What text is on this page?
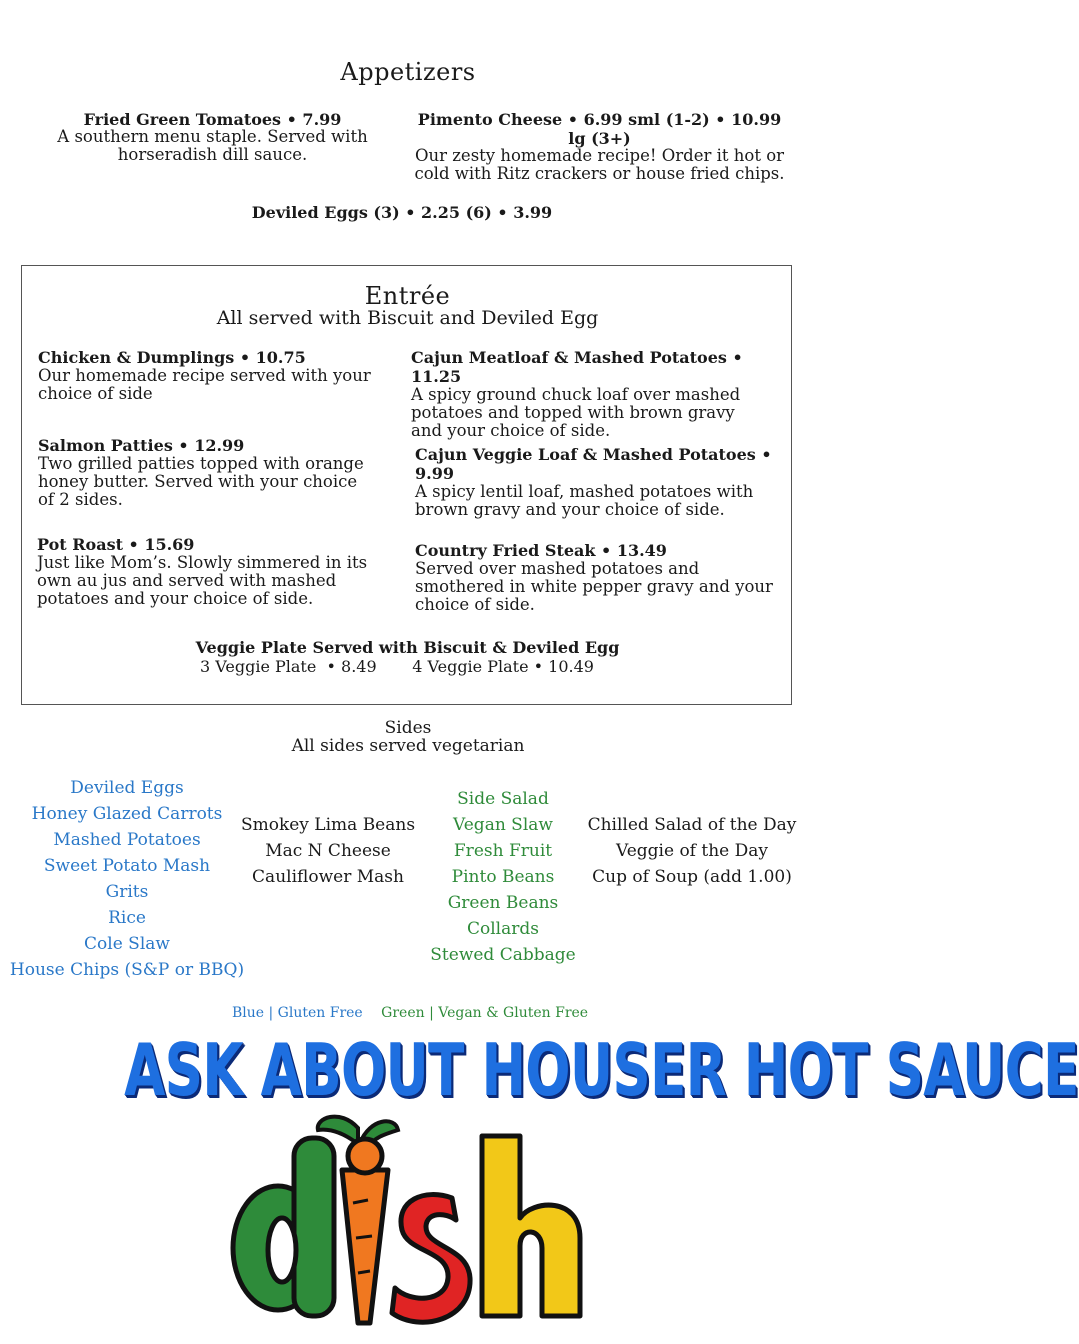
Appetizers
Fried Green Tomatoes • 7.99
A southern menu staple. Served with horseradish dill sauce.
Pimento Cheese • 6.99 sml (1-2) • 10.99 lg (3+)
Our zesty homemade recipe! Order it hot or cold with Ritz crackers or house fried chips.
Deviled Eggs (3) • 2.25 (6) • 3.99
Entrée
All served with Biscuit and Deviled Egg
Chicken & Dumplings • 10.75
Our homemade recipe served with your choice of side
Cajun Meatloaf & Mashed Potatoes • 11.25
A spicy ground chuck loaf over mashed potatoes and topped with brown gravy and your choice of side.
Salmon Patties • 12.99
Two grilled patties topped with orange honey butter. Served with your choice of 2 sides.
Cajun Veggie Loaf & Mashed Potatoes • 9.99
A spicy lentil loaf, mashed potatoes with brown gravy and your choice of side.
Pot Roast • 15.69
Just like Mom’s. Slowly simmered in its own au jus and served with mashed potatoes and your choice of side.
Country Fried Steak • 13.49
Served over mashed potatoes and smothered in white pepper gravy and your choice of side.
Veggie Plate Served with Biscuit & Deviled Egg
3 Veggie Plate  • 8.49       4 Veggie Plate • 10.49
Sides
All sides served vegetarian
Deviled Eggs
Honey Glazed Carrots
Mashed Potatoes
Sweet Potato Mash
Grits
Rice
Cole Slaw
House Chips (S&P or BBQ)
Smokey Lima Beans
Mac N Cheese
Cauliflower Mash
Side Salad
Vegan Slaw
Fresh Fruit
Pinto Beans
Green Beans
Collards
Stewed Cabbage
Chilled Salad of the Day
Veggie of the Day
Cup of Soup (add 1.00)
Blue | Gluten Free Green | Vegan & Gluten Free
ASK ABOUT HOUSER HOT SAUCE
